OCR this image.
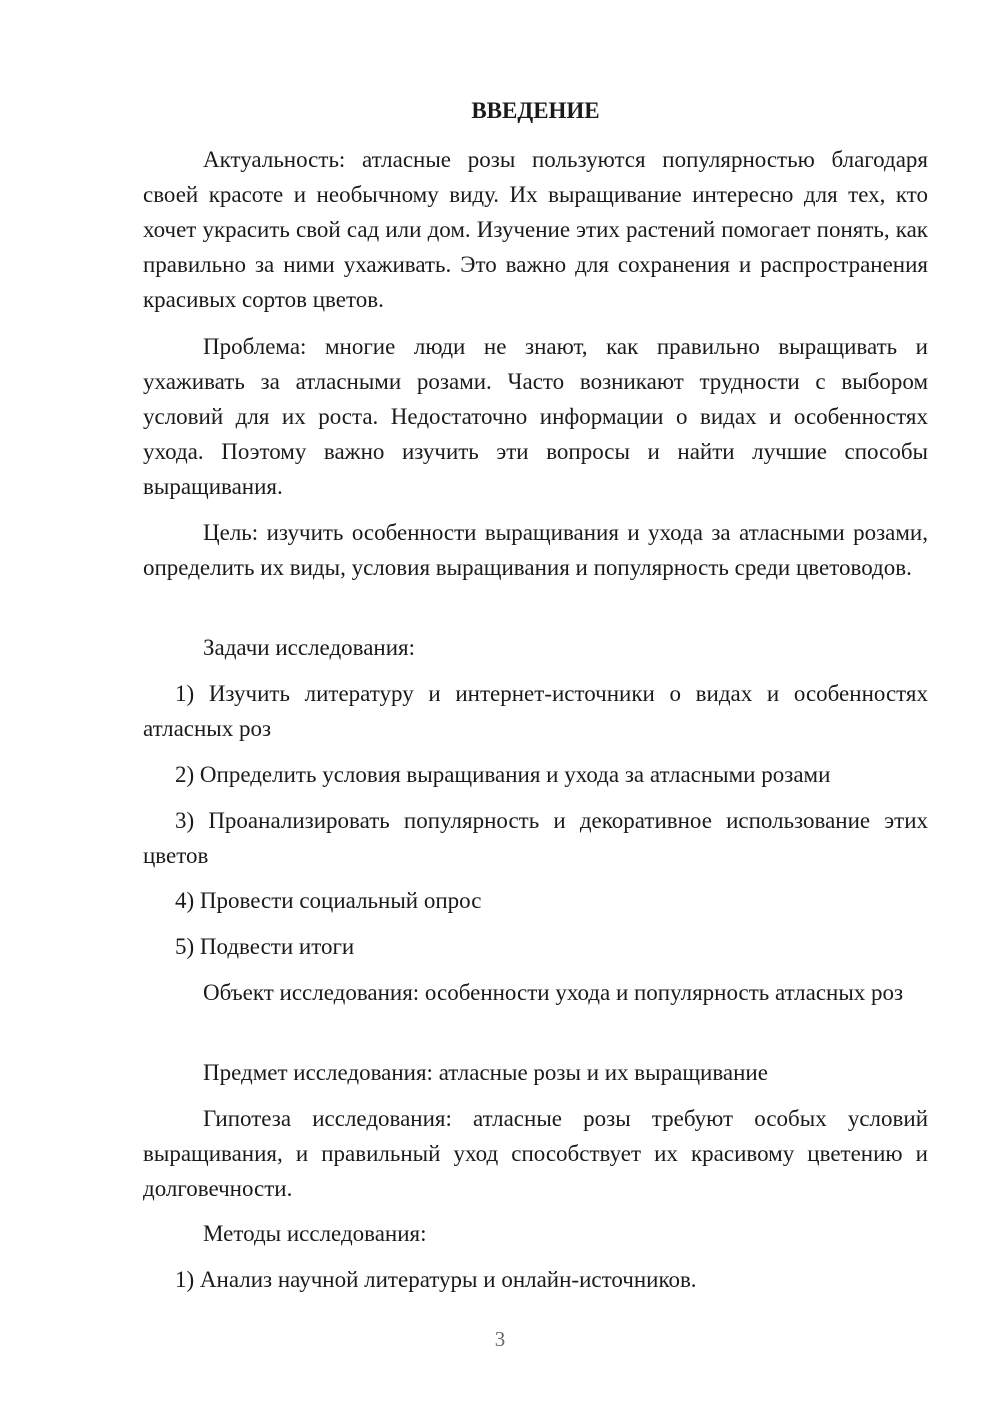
ВВЕДЕНИЕ
Актуальность: атласные розы пользуются популярностью благодаря своей красоте и необычному виду. Их выращивание интересно для тех, кто хочет украсить свой сад или дом. Изучение этих растений помогает понять, как правильно за ними ухаживать. Это важно для сохранения и распространения красивых сортов цветов.
Проблема: многие люди не знают, как правильно выращивать и ухаживать за атласными розами. Часто возникают трудности с выбором условий для их роста. Недостаточно информации о видах и особенностях ухода. Поэтому важно изучить эти вопросы и найти лучшие способы выращивания.
Цель: изучить особенности выращивания и ухода за атласными розами, определить их виды, условия выращивания и популярность среди цветоводов.
Задачи исследования:
1) Изучить литературу и интернет-источники о видах и особенностях атласных роз
2) Определить условия выращивания и ухода за атласными розами
3) Проанализировать популярность и декоративное использование этих цветов
4) Провести социальный опрос
5) Подвести итоги
Объект исследования: особенности ухода и популярность атласных роз
Предмет исследования: атласные розы и их выращивание
Гипотеза исследования: атласные розы требуют особых условий выращивания, и правильный уход способствует их красивому цветению и долговечности.
Методы исследования:
1) Анализ научной литературы и онлайн-источников.
3
